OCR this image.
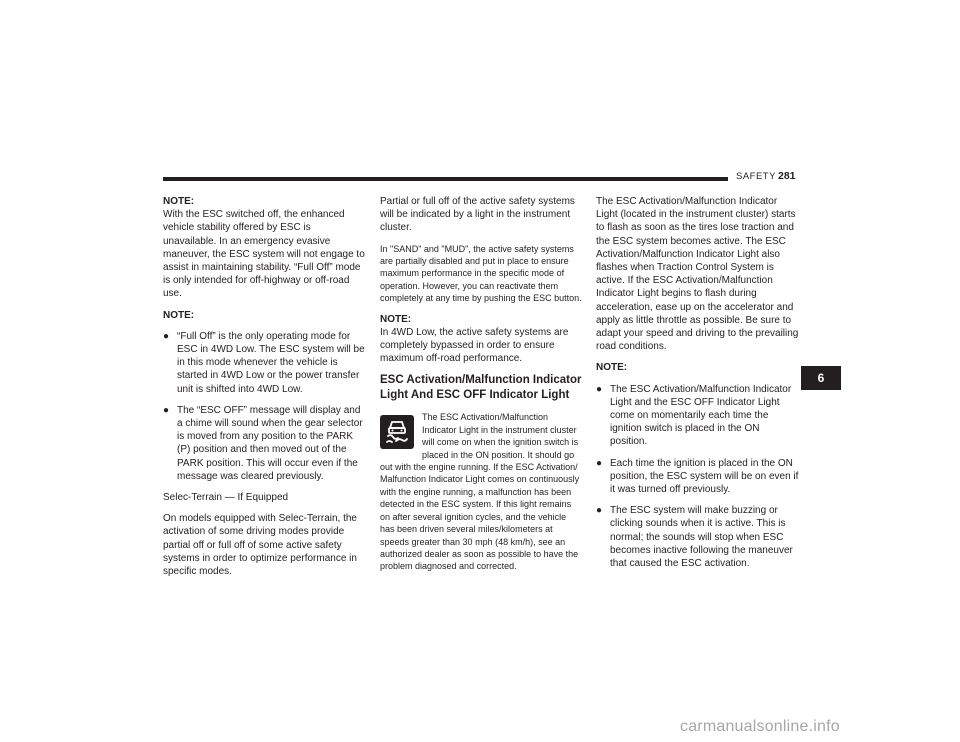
SAFETY 281

NOTE:
With the ESC switched off, the enhanced vehicle stability offered by ESC is unavailable. In an emergency evasive maneuver, the ESC system will not engage to assist in maintaining stability. “Full Off” mode is only intended for off-highway or off-road use.

NOTE:

● “Full Off” is the only operating mode for ESC in 4WD Low. The ESC system will be in this mode whenever the vehicle is started in 4WD Low or the power transfer unit is shifted into 4WD Low.
● The “ESC OFF” message will display and a chime will sound when the gear selector is moved from any position to the PARK (P) position and then moved out of the PARK position. This will occur even if the message was cleared previously.

Selec-Terrain — If Equipped

On models equipped with Selec-Terrain, the activation of some driving modes provide partial off or full off of some active safety systems in order to optimize performance in specific modes.

Partial or full off of the active safety systems will be indicated by a light in the instrument cluster.

In "SAND" and "MUD", the active safety systems are partially disabled and put in place to ensure maximum performance in the specific mode of operation. However, you can reactivate them completely at any time by pushing the ESC button.

NOTE:
In 4WD Low, the active safety systems are completely bypassed in order to ensure maximum off-road performance.

ESC Activation/Malfunction Indicator Light And ESC OFF Indicator Light

The ESC Activation/Malfunction Indicator Light in the instrument cluster will come on when the ignition switch is placed in the ON position. It should go out with the engine running. If the ESC Activation/ Malfunction Indicator Light comes on continuously with the engine running, a malfunction has been detected in the ESC system. If this light remains on after several ignition cycles, and the vehicle has been driven several miles/kilometers at speeds greater than 30 mph (48 km/h), see an authorized dealer as soon as possible to have the problem diagnosed and corrected.

The ESC Activation/Malfunction Indicator Light (located in the instrument cluster) starts to flash as soon as the tires lose traction and the ESC system becomes active. The ESC Activation/Malfunction Indicator Light also flashes when Traction Control System is active. If the ESC Activation/Malfunction Indicator Light begins to flash during acceleration, ease up on the accelerator and apply as little throttle as possible. Be sure to adapt your speed and driving to the prevailing road conditions.

NOTE:

● The ESC Activation/Malfunction Indicator Light and the ESC OFF Indicator Light come on momentarily each time the ignition switch is placed in the ON position.
● Each time the ignition is placed in the ON position, the ESC system will be on even if it was turned off previously.
● The ESC system will make buzzing or clicking sounds when it is active. This is normal; the sounds will stop when ESC becomes inactive following the maneuver that caused the ESC activation.
6
carmanualsonline.info
